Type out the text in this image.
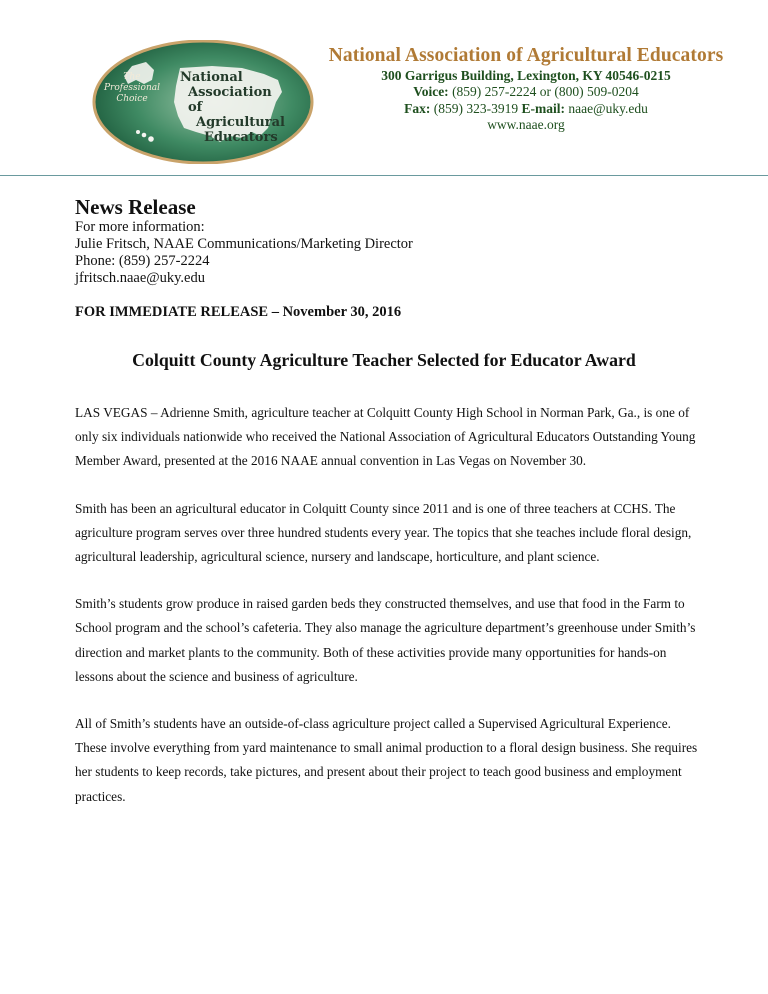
The
Professional
Choice
National
Association of
Agricultural
Educators
National Association of Agricultural Educators
300 Garrigus Building, Lexington, KY 40546-0215
Voice: (859) 257-2224 or (800) 509-0204
Fax: (859) 323-3919 E-mail: naae@uky.edu
www.naae.org
News Release
For more information:
Julie Fritsch, NAAE Communications/Marketing Director
Phone: (859) 257-2224
jfritsch.naae@uky.edu
FOR IMMEDIATE RELEASE – November 30, 2016
Colquitt County Agriculture Teacher Selected for Educator Award

LAS VEGAS – Adrienne Smith, agriculture teacher at Colquitt County High School in Norman Park, Ga., is one of only six individuals nationwide who received the National Association of Agricultural Educators Outstanding Young Member Award, presented at the 2016 NAAE annual convention in Las Vegas on November 30.

Smith has been an agricultural educator in Colquitt County since 2011 and is one of three teachers at CCHS. The agriculture program serves over three hundred students every year. The topics that she teaches include floral design, agricultural leadership, agricultural science, nursery and landscape, horticulture, and plant science.

Smith’s students grow produce in raised garden beds they constructed themselves, and use that food in the Farm to School program and the school’s cafeteria. They also manage the agriculture department’s greenhouse under Smith’s direction and market plants to the community. Both of these activities provide many opportunities for hands-on lessons about the science and business of agriculture.

All of Smith’s students have an outside-of-class agriculture project called a Supervised Agricultural Experience. These involve everything from yard maintenance to small animal production to a floral design business. She requires her students to keep records, take pictures, and present about their project to teach good business and employment practices.
